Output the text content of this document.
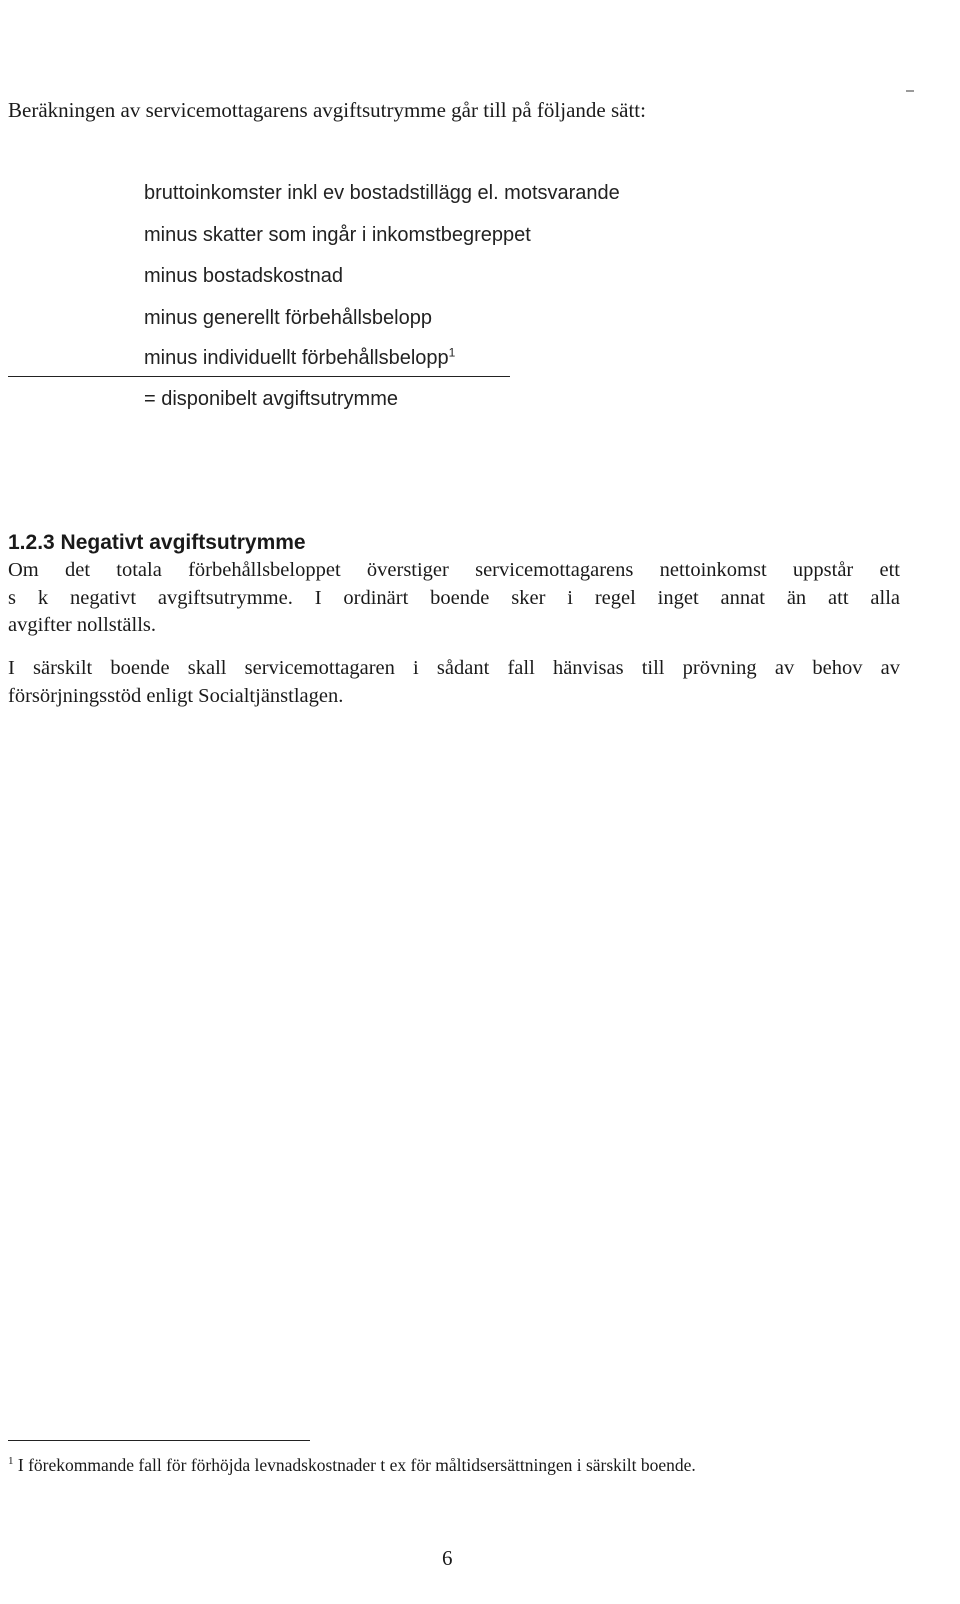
Beräkningen av servicemottagarens avgiftsutrymme går till på följande sätt:
bruttoinkomster inkl ev bostadstillägg el. motsvarande
minus skatter som ingår i inkomstbegreppet
minus bostadskostnad
minus generellt förbehållsbelopp
minus individuellt förbehållsbelopp$^1$
= disponibelt avgiftsutrymme
1.2.3 Negativt avgiftsutrymme
Om det totala förbehållsbeloppet överstiger servicemottagarens nettoinkomst uppstår ett
s k negativt avgiftsutrymme. I ordinärt boende sker i regel inget annat än att alla
avgifter nollställs.
I särskilt boende skall servicemottagaren i sådant fall hänvisas till prövning av behov av
försörjningsstöd enligt Socialtjänstlagen.
$^1$ I förekommande fall för förhöjda levnadskostnader t ex för måltidsersättningen i särskilt boende.
6
